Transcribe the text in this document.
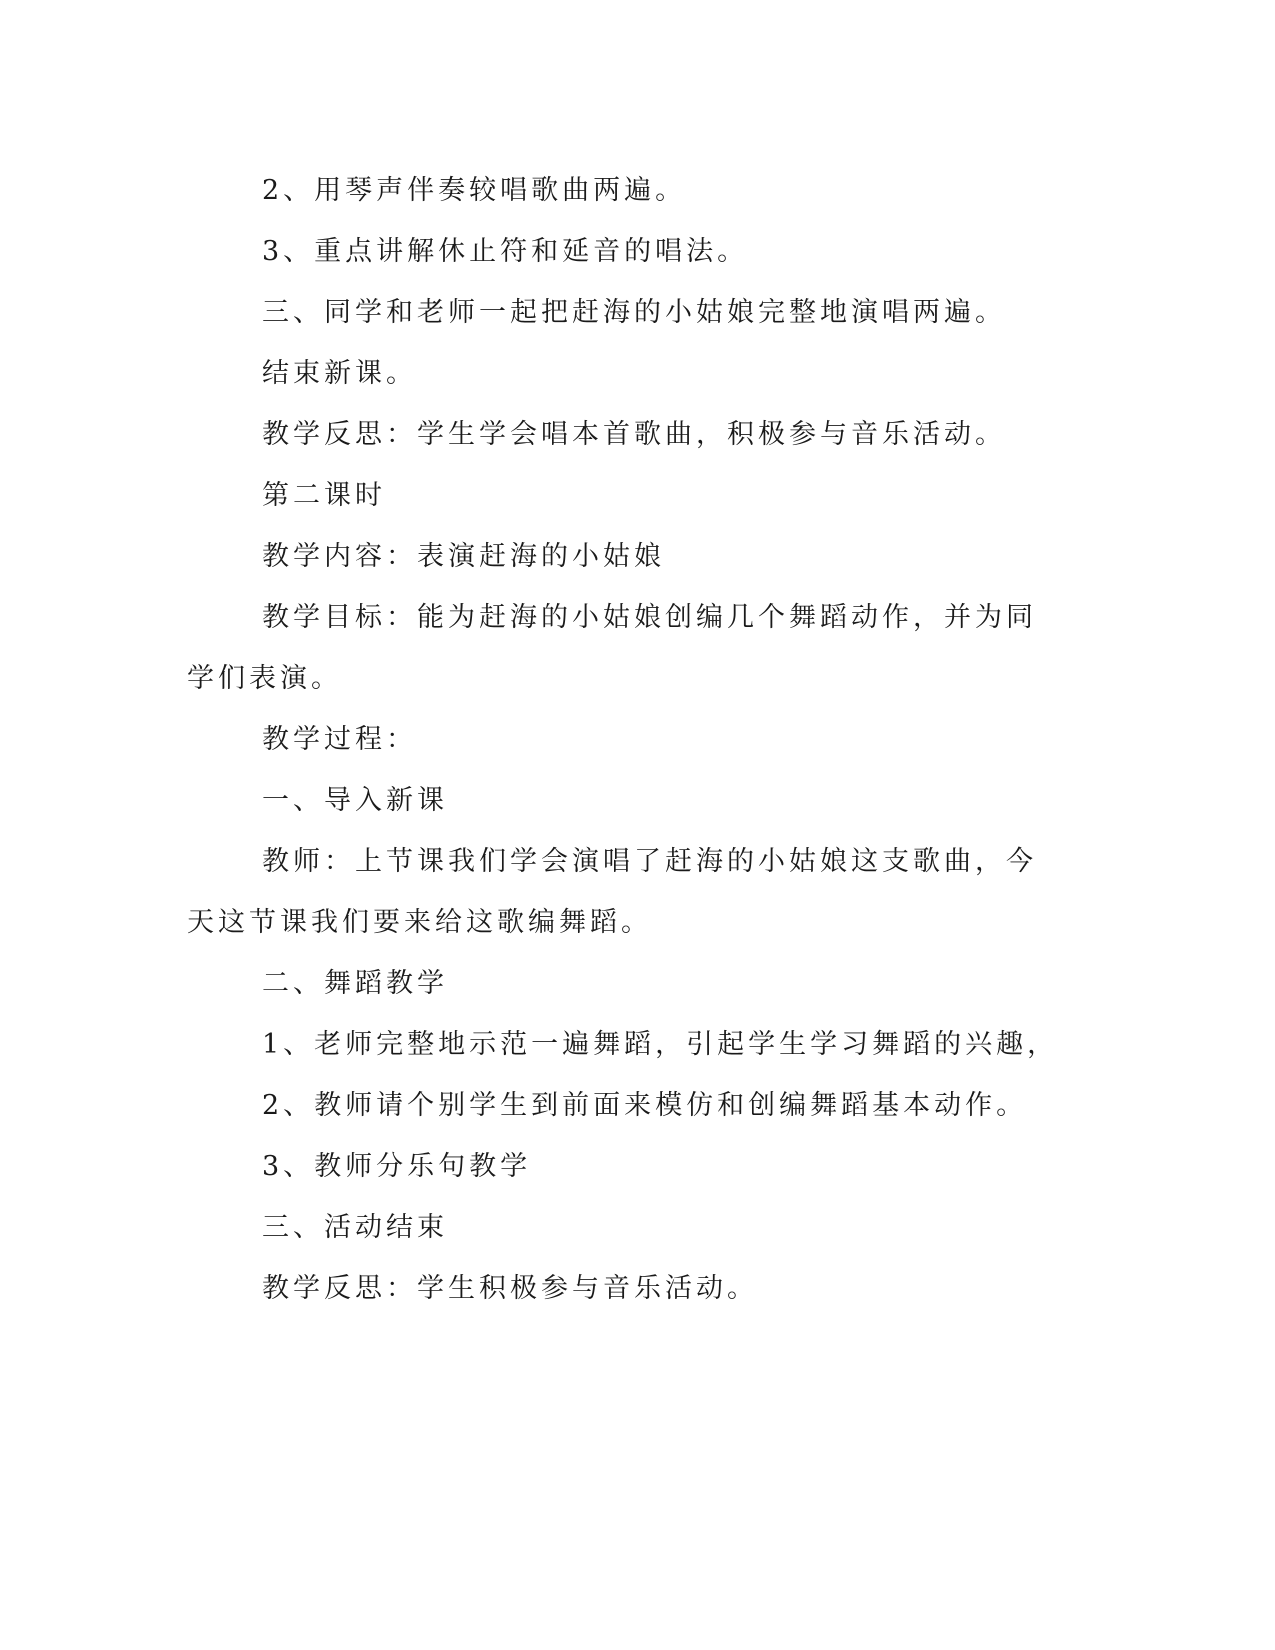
2、用琴声伴奏较唱歌曲两遍。

3、重点讲解休止符和延音的唱法。

三、同学和老师一起把赶海的小姑娘完整地演唱两遍。

结束新课。

教学反思：学生学会唱本首歌曲，积极参与音乐活动。

第二课时

教学内容：表演赶海的小姑娘

教学目标：能为赶海的小姑娘创编几个舞蹈动作，并为同学们表演。

教学过程：

一、导入新课

教师：上节课我们学会演唱了赶海的小姑娘这支歌曲，今天这节课我们要来给这歌编舞蹈。

二、舞蹈教学

1、老师完整地示范一遍舞蹈，引起学生学习舞蹈的兴趣，

2、教师请个别学生到前面来模仿和创编舞蹈基本动作。

3、教师分乐句教学

三、活动结束

教学反思：学生积极参与音乐活动。
